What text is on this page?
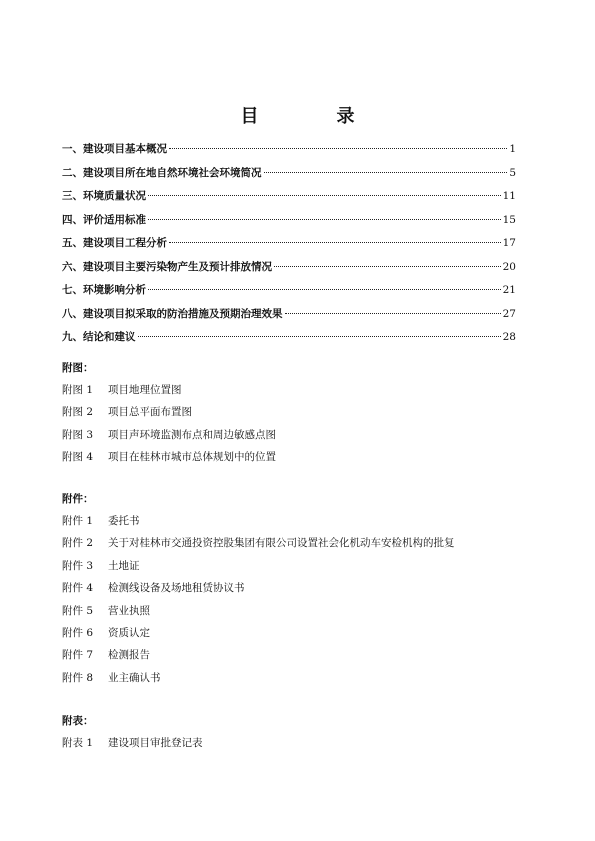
目　录
一、建设项目基本概况	1
二、建设项目所在地自然环境社会环境简况	5
三、环境质量状况	11
四、评价适用标准	15
五、建设项目工程分析	17
六、建设项目主要污染物产生及预计排放情况	20
七、环境影响分析	21
八、建设项目拟采取的防治措施及预期治理效果	27
九、结论和建议	28
附图：
附图 1	项目地理位置图
附图 2	项目总平面布置图
附图 3	项目声环境监测布点和周边敏感点图
附图 4	项目在桂林市城市总体规划中的位置
附件：
附件 1	委托书
附件 2	关于对桂林市交通投资控股集团有限公司设置社会化机动车安检机构的批复
附件 3	土地证
附件 4	检测线设备及场地租赁协议书
附件 5	营业执照
附件 6	资质认定
附件 7	检测报告
附件 8	业主确认书
附表：
附表 1	建设项目审批登记表
